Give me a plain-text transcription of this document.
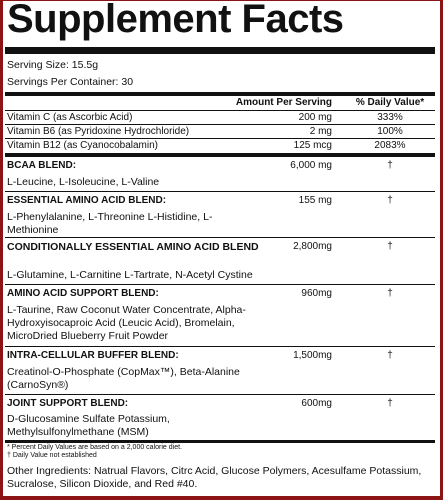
Supplement Facts
Serving Size: 15.5g
Servings Per Container: 30
Amount Per Serving	% Daily Value*
Vitamin C (as Ascorbic Acid)	200 mg	333%
Vitamin B6 (as Pyridoxine Hydrochloride)	2 mg	100%
Vitamin B12 (as Cyanocobalamin)	125 mcg	2083%
BCAA BLEND:	6,000 mg	†
L-Leucine, L-Isoleucine, L-Valine
ESSENTIAL AMINO ACID BLEND:	155 mg	†
L-Phenylalanine, L-Threonine L-Histidine, L-Methionine
CONDITIONALLY ESSENTIAL AMINO ACID BLEND	2,800mg	†
L-Glutamine, L-Carnitine L-Tartrate, N-Acetyl Cystine
AMINO ACID SUPPORT BLEND:	960mg	†
L-Taurine, Raw Coconut Water Concentrate, Alpha-Hydroxyisocaproic Acid (Leucic Acid), Bromelain, MicroDried Blueberry Fruit Powder
INTRA-CELLULAR BUFFER BLEND:	1,500mg	†
Creatinol-O-Phosphate (CopMax™), Beta-Alanine (CarnoSyn®)
JOINT SUPPORT BLEND:	600mg	†
D-Glucosamine Sulfate Potassium, Methylsulfonylmethane (MSM)
* Percent Daily Values are based on a 2,000 calorie diet.
† Daily Value not established
Other Ingredients: Natrual Flavors, Citrc Acid, Glucose Polymers, Acesulfame Potassium, Sucralose, Silicon Dioxide, and Red #40.
